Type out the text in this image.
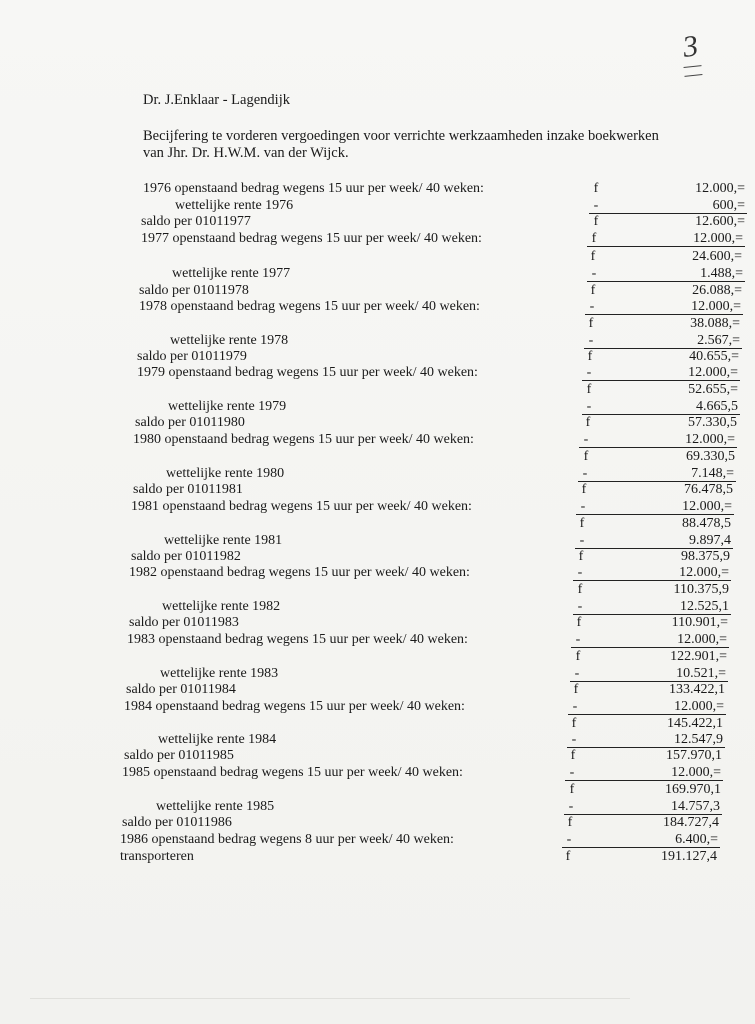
3
Dr. J.Enklaar - Lagendijk
Becijfering te vorderen vergoedingen voor verrichte werkzaamheden inzake boekwerken van Jhr. Dr. H.W.M. van der Wijck.
1976 openstaand bedrag wegens 15 uur per week/ 40 weken:	f	12.000,=
wettelijke rente 1976	-	600,=
saldo per 01011977	f	12.600,=
1977 openstaand bedrag wegens 15 uur per week/ 40 weken:	f	12.000,=
f	24.600,=
wettelijke rente 1977	-	1.488,=
saldo per 01011978	f	26.088,=
1978 openstaand bedrag wegens 15 uur per week/ 40 weken:	-	12.000,=
f	38.088,=
wettelijke rente 1978	-	2.567,=
saldo per 01011979	f	40.655,=
1979 openstaand bedrag wegens 15 uur per week/ 40 weken:	-	12.000,=
f	52.655,=
wettelijke rente 1979	-	4.665,5
saldo per 01011980	f	57.330,5
1980 openstaand bedrag wegens 15 uur per week/ 40 weken:	-	12.000,=
f	69.330,5
wettelijke rente 1980	-	7.148,=
saldo per 01011981	f	76.478,5
1981 openstaand bedrag wegens 15 uur per week/ 40 weken:	-	12.000,=
f	88.478,5
wettelijke rente 1981	-	9.897,4
saldo per 01011982	f	98.375,9
1982 openstaand bedrag wegens 15 uur per week/ 40 weken:	-	12.000,=
f	110.375,9
wettelijke rente 1982	-	12.525,1
saldo per 01011983	f	110.901,=
1983 openstaand bedrag wegens 15 uur per week/ 40 weken:	-	12.000,=
f	122.901,=
wettelijke rente 1983	-	10.521,=
saldo per 01011984	f	133.422,1
1984 openstaand bedrag wegens 15 uur per week/ 40 weken:	-	12.000,=
f	145.422,1
wettelijke rente 1984	-	12.547,9
saldo per 01011985	f	157.970,1
1985 openstaand bedrag wegens 15 uur per week/ 40 weken:	-	12.000,=
f	169.970,1
wettelijke rente 1985	-	14.757,3
saldo per 01011986	f	184.727,4
1986 openstaand bedrag wegens 8 uur per week/ 40 weken:	-	6.400,=
transporteren	f	191.127,4
